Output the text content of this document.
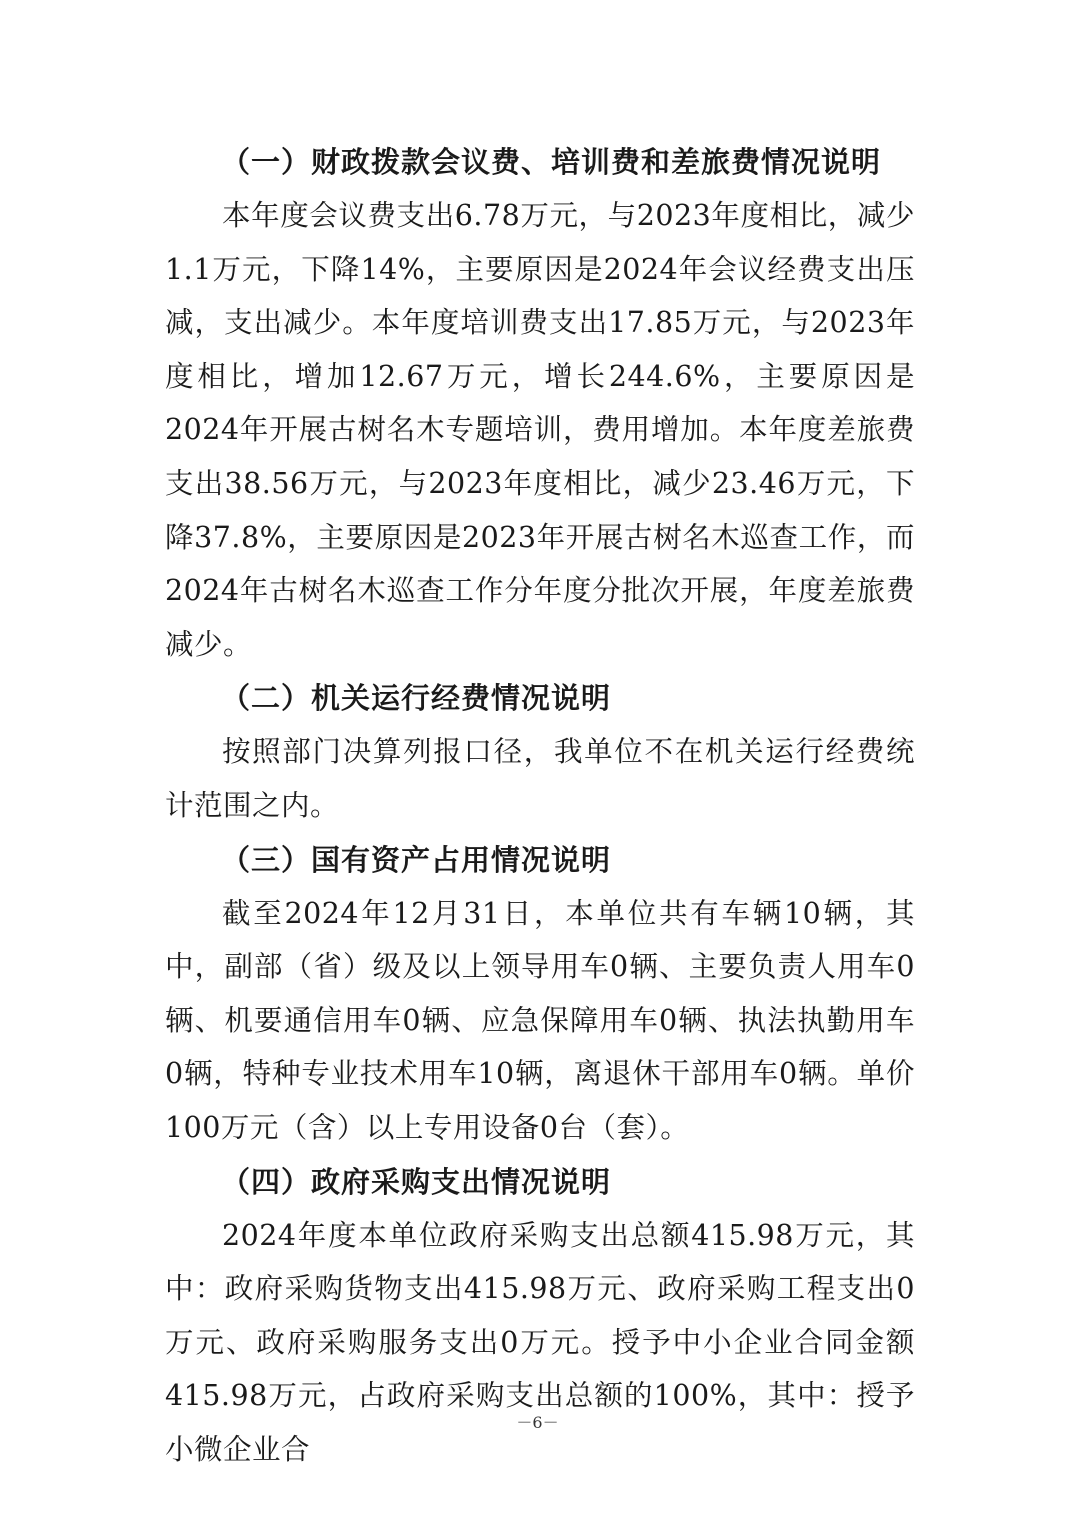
（一）财政拨款会议费、培训费和差旅费情况说明

本年度会议费支出6.78万元，与2023年度相比，减少1.1万元，下降14%，主要原因是2024年会议经费支出压减，支出减少。本年度培训费支出17.85万元，与2023年度相比，增加12.67万元，增长244.6%，主要原因是2024年开展古树名木专题培训，费用增加。本年度差旅费支出38.56万元，与2023年度相比，减少23.46万元，下降37.8%，主要原因是2023年开展古树名木巡查工作，而2024年古树名木巡查工作分年度分批次开展，年度差旅费减少。

（二）机关运行经费情况说明

按照部门决算列报口径，我单位不在机关运行经费统计范围之内。

（三）国有资产占用情况说明

截至2024年12月31日，本单位共有车辆10辆，其中，副部（省）级及以上领导用车0辆、主要负责人用车0辆、机要通信用车0辆、应急保障用车0辆、执法执勤用车0辆，特种专业技术用车10辆，离退休干部用车0辆。单价100万元（含）以上专用设备0台（套）。

（四）政府采购支出情况说明

2024年度本单位政府采购支出总额415.98万元，其中：政府采购货物支出415.98万元、政府采购工程支出0万元、政府采购服务支出0万元。授予中小企业合同金额415.98万元，占政府采购支出总额的100%，其中：授予小微企业合

－6－
